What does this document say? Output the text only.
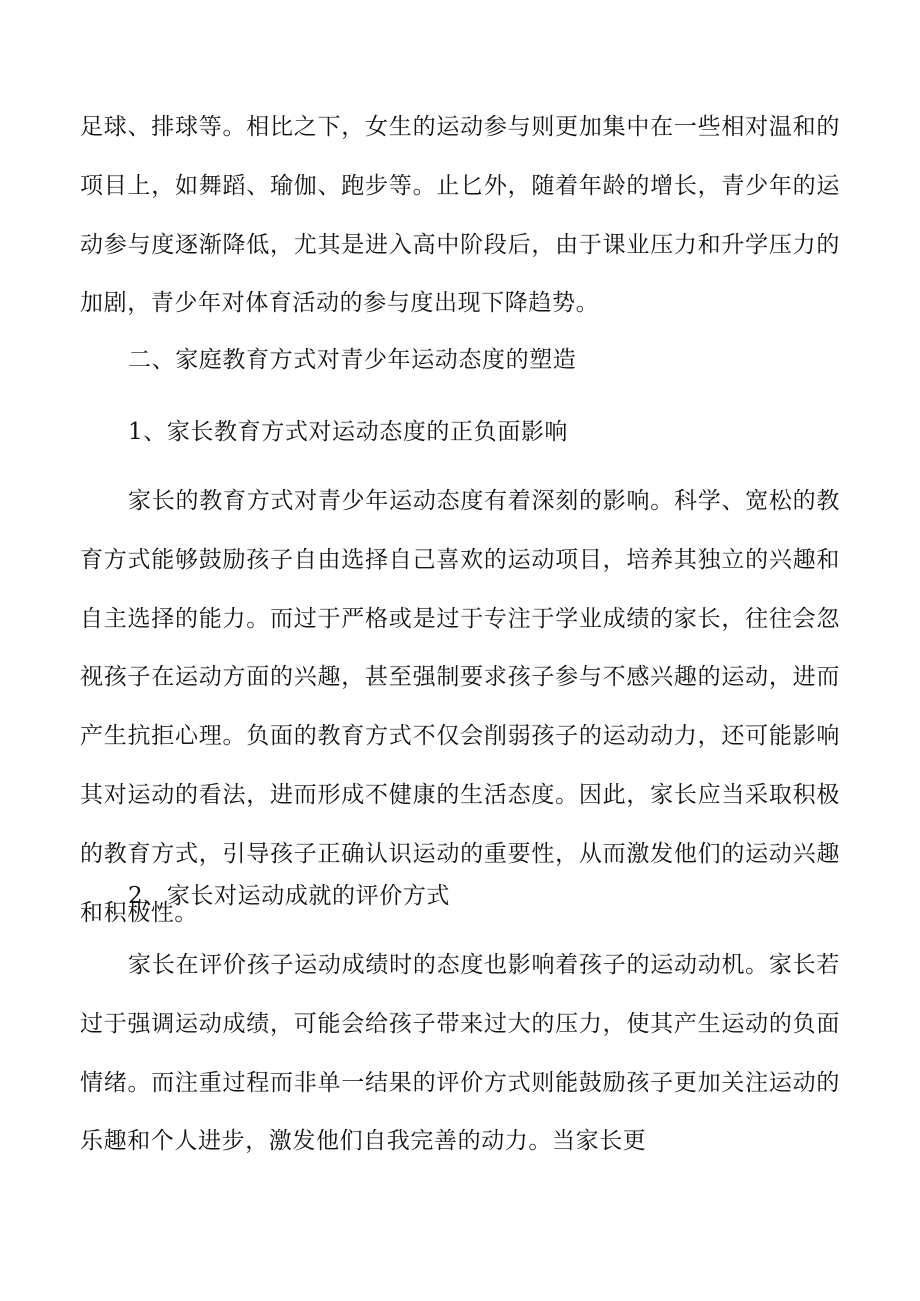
足球、排球等。相比之下，女生的运动参与则更加集中在一些相对温和的项目上，如舞蹈、瑜伽、跑步等。止匕外，随着年龄的增长，青少年的运动参与度逐渐降低，尤其是进入高中阶段后，由于课业压力和升学压力的加剧，青少年对体育活动的参与度出现下降趋势。

二、家庭教育方式对青少年运动态度的塑造

1、家长教育方式对运动态度的正负面影响

家长的教育方式对青少年运动态度有着深刻的影响。科学、宽松的教育方式能够鼓励孩子自由选择自己喜欢的运动项目，培养其独立的兴趣和自主选择的能力。而过于严格或是过于专注于学业成绩的家长，往往会忽视孩子在运动方面的兴趣，甚至强制要求孩子参与不感兴趣的运动，进而产生抗拒心理。负面的教育方式不仅会削弱孩子的运动动力，还可能影响其对运动的看法，进而形成不健康的生活态度。因此，家长应当采取积极的教育方式，引导孩子正确认识运动的重要性，从而激发他们的运动兴趣和积极性。

2、家长对运动成就的评价方式

家长在评价孩子运动成绩时的态度也影响着孩子的运动动机。家长若过于强调运动成绩，可能会给孩子带来过大的压力，使其产生运动的负面情绪。而注重过程而非单一结果的评价方式则能鼓励孩子更加关注运动的乐趣和个人进步，激发他们自我完善的动力。当家长更
